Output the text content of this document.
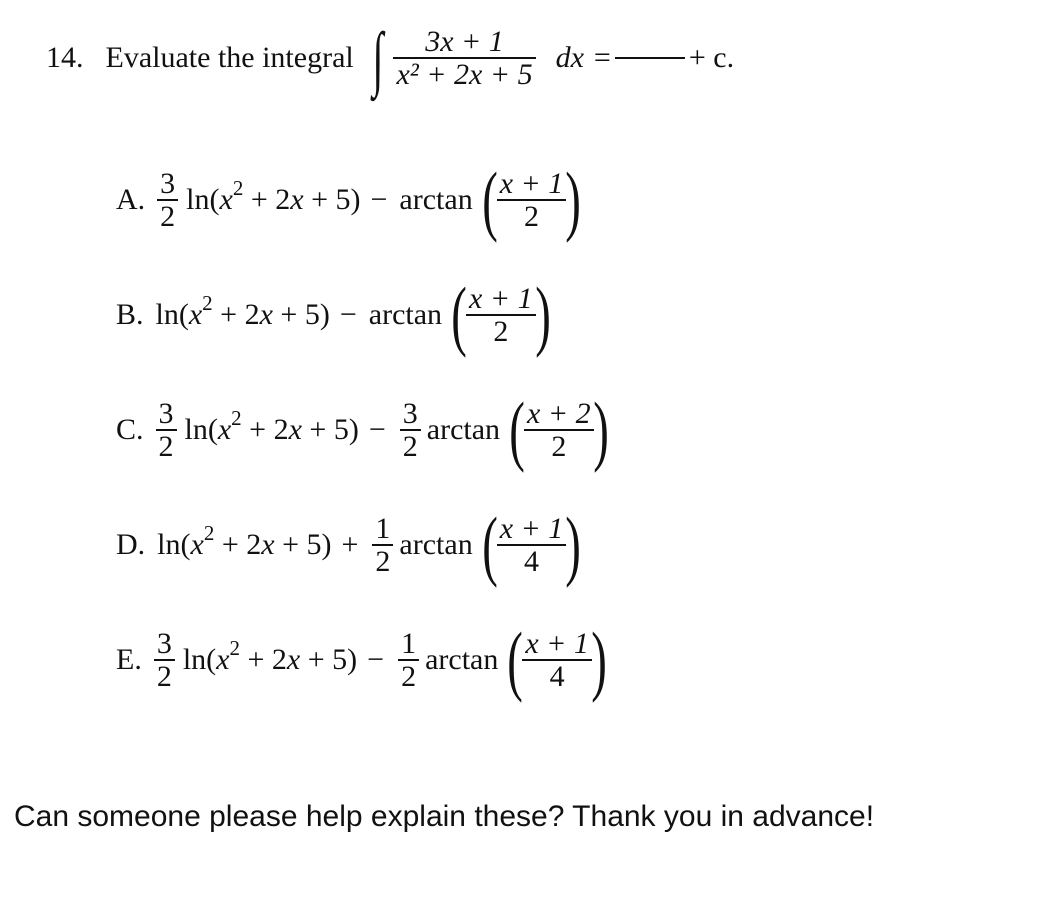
14. Evaluate the integral ∫ $\frac{3x + 1}{\text{x² + 2x + 5}}$ dx =	+ c.
A. $\frac{3}{2} \ln(x^2 + 2x + 5) - \arctan$ ( $\frac{x + 1}{2}$ )
B. $\ln(x^2 + 2x + 5) - \arctan$ ( $\frac{x + 1}{2}$ )
C. $\frac{3}{2} \ln(x^2 + 2x + 5) - \frac{3}{2}$ arctan ( $\frac{x + 2}{2}$ )
D. $\ln(x^2 + 2x + 5) + \frac{1}{2}$ arctan ( $\frac{x + 1}{4}$ )
E. $\frac{3}{2} \ln(x^2 + 2x + 5) - \frac{1}{2}$ arctan ( $\frac{x + 1}{4}$ )
Can someone please help explain these? Thank you in advance!
